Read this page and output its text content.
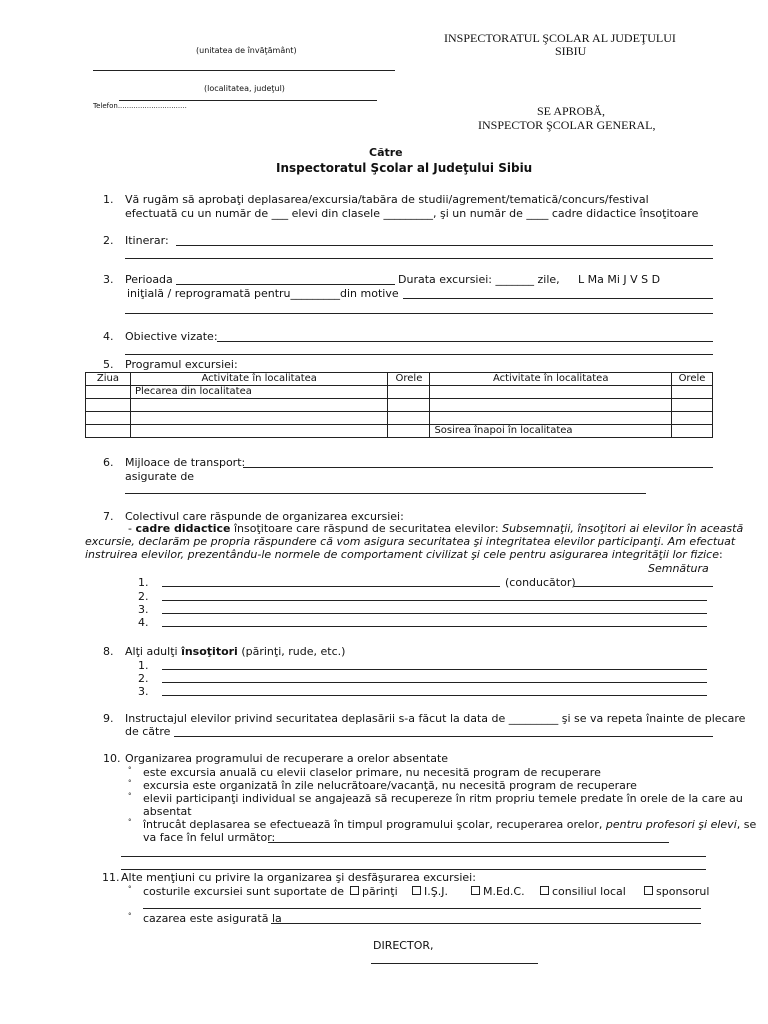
(unitatea de învăţământ)
(localitatea, judeţul)
Telefon...............................
INSPECTORATUL ŞCOLAR AL JUDEŢULUI
SIBIU
SE APROBĂ,
INSPECTOR ŞCOLAR GENERAL,
Către
Inspectoratul Şcolar al Judeţului Sibiu
1. Vă rugăm să aprobaţi deplasarea/excursia/tabăra de studii/agrement/tematică/concurs/festival
efectuată cu un număr de ___ elevi din clasele _________, şi un număr de ____ cadre didactice însoţitoare
2. Itinerar:
3. Perioada	Durata excursiei: _______ zile, L Ma Mi J V S D
iniţială / reprogramată pentru_________din motive
4. Obiective vizate:
5. Programul excursiei:
Ziua	Activitate în localitatea	Orele	Activitate în localitatea	Orele
	Plecarea din localitatea			

			Sosirea înapoi în localitatea	
6. Mijloace de transport:
asigurate de
7. Colectivul care răspunde de organizarea excursiei:
- cadre didactice însoţitoare care răspund de securitatea elevilor: Subsemnaţii, însoţitori ai elevilor în această
excursie, declarăm pe propria răspundere că vom asigura securitatea şi integritatea elevilor participanţi. Am efectuat
instruirea elevilor, prezentându-le normele de comportament civilizat şi cele pentru asigurarea integrităţii lor fizice:
Semnătura
1.	(conducător)
2.
3.
4.
8. Alţi adulţi însoţitori (părinţi, rude, etc.)
1.
2.
3.
9. Instructajul elevilor privind securitatea deplasării s-a făcut la data de _________ şi se va repeta înainte de plecare
de către
10. Organizarea programului de recuperare a orelor absentate
° este excursia anuală cu elevii claselor primare, nu necesită program de recuperare
° excursia este organizată în zile nelucrătoare/vacanţă, nu necesită program de recuperare
° elevii participanţi individual se angajează să recupereze în ritm propriu temele predate în orele de la care au
absentat
° întrucât deplasarea se efectuează în timpul programului şcolar, recuperarea orelor, pentru profesori şi elevi, se
va face în felul următor:
11. Alte menţiuni cu privire la organizarea şi desfăşurarea excursiei:
° costurile excursiei sunt suportate de	părinţi	I.Ş.J.	M.Ed.C.	consiliul local	sponsorul
° cazarea este asigurată la
DIRECTOR,
